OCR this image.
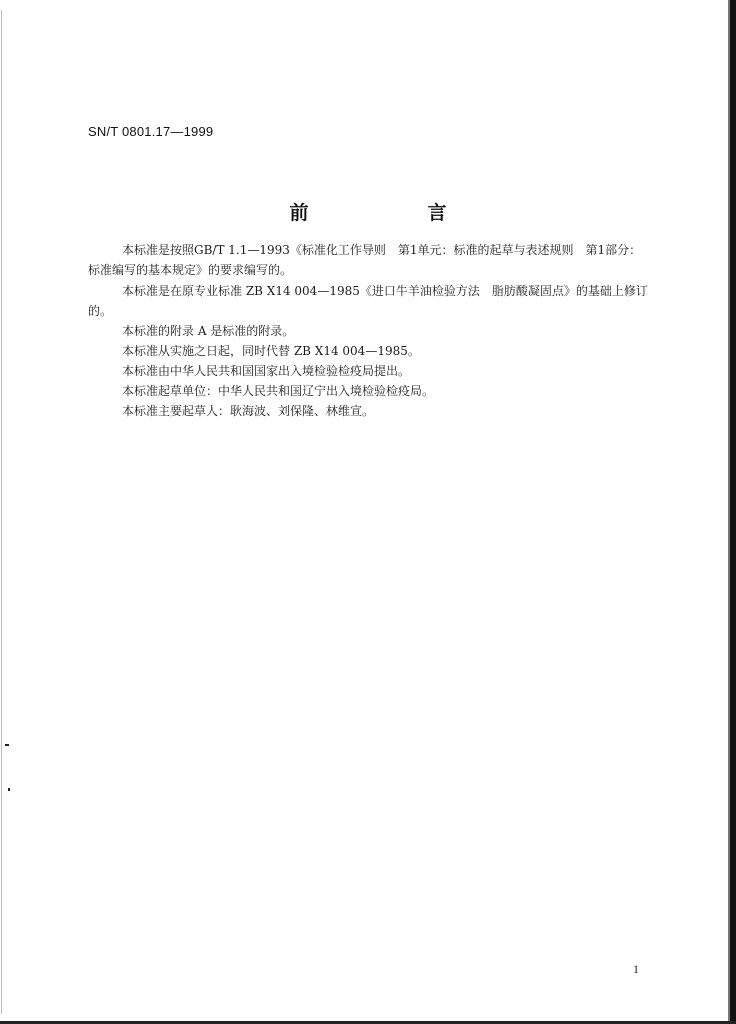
SN/T 0801.17—1999
前　言
本标准是按照GB/T 1.1—1993《标准化工作导则　第1单元：标准的起草与表述规则　第1部分：
标准编写的基本规定》的要求编写的。
本标准是在原专业标准 ZB X14 004—1985《进口牛羊油检验方法　脂肪酸凝固点》的基础上修订
的。
本标准的附录 A 是标准的附录。
本标准从实施之日起，同时代替 ZB X14 004—1985。
本标准由中华人民共和国国家出入境检验检疫局提出。
本标准起草单位：中华人民共和国辽宁出入境检验检疫局。
本标准主要起草人：耿海波、刘保隆、林维宣。
1
